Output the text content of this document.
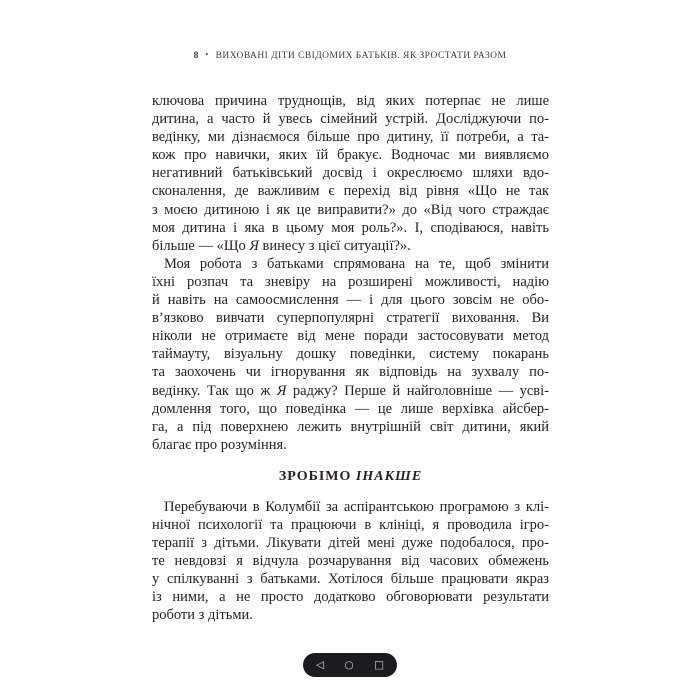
8 • ВИХОВАНІ ДІТИ СВІДОМИХ БАТЬКІВ. ЯК ЗРОСТАТИ РАЗОМ
ключова причина труднощів, від яких потерпає не лише
дитина, а часто й увесь сімейний устрій. Досліджуючи по-
ведінку, ми дізнаємося більше про дитину, її потреби, а та-
кож про навички, яких їй бракує. Водночас ми виявляємо
негативний батьківський досвід і окреслюємо шляхи вдо-
сконалення, де важливим є перехід від рівня «Що не так
з моєю дитиною і як це виправити?» до «Від чого страждає
моя дитина і яка в цьому моя роль?». І, сподіваюся, навіть
більше — «Що Я винесу з цієї ситуації?».
Моя робота з батьками спрямована на те, щоб змінити
їхні розпач та зневіру на розширені можливості, надію
й навіть на самоосмислення — і для цього зовсім не обо-
в’язково вивчати суперпопулярні стратегії виховання. Ви
ніколи не отримаєте від мене поради застосовувати метод
таймауту, візуальну дошку поведінки, систему покарань
та заохочень чи ігнорування як відповідь на зухвалу по-
ведінку. Так що ж Я раджу? Перше й найголовніше — усві-
домлення того, що поведінка — це лише верхівка айсбер-
га, а під поверхнею лежить внутрішній світ дитини, який
благає про розуміння.
ЗРОБІМО ІНАКШЕ
Перебуваючи в Колумбії за аспірантською програмою з клі-
нічної психології та працюючи в клініці, я проводила ігро-
терапії з дітьми. Лікувати дітей мені дуже подобалося, про-
те невдовзі я відчула розчарування від часових обмежень
у спілкуванні з батьками. Хотілося більше працювати якраз
із ними, а не просто додатково обговорювати результати
роботи з дітьми.
◁ ○ □
